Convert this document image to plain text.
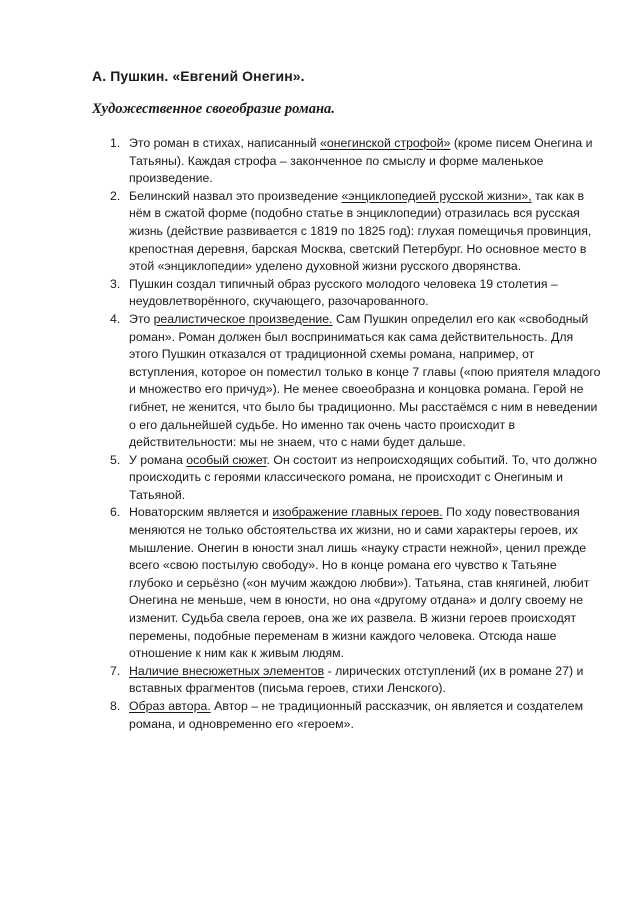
А. Пушкин. «Евгений Онегин».
Художественное своеобразие романа.
1. Это роман в стихах, написанный «онегинской строфой» (кроме писем Онегина и Татьяны). Каждая строфа – законченное по смыслу и форме маленькое произведение.
2. Белинский назвал это произведение «энциклопедией русской жизни», так как в нём в сжатой форме (подобно статье в энциклопедии) отразилась вся русская жизнь (действие развивается с 1819 по 1825 год): глухая помещичья провинция, крепостная деревня, барская Москва, светский Петербург. Но основное место в этой «энциклопедии» уделено духовной жизни русского дворянства.
3. Пушкин создал типичный образ русского молодого человека 19 столетия – неудовлетворённого, скучающего, разочарованного.
4. Это реалистическое произведение. Сам Пушкин определил его как «свободный роман». Роман должен был восприниматься как сама действительность. Для этого Пушкин отказался от традиционной схемы романа, например, от вступления, которое он поместил только в конце 7 главы («пою приятеля младого и множество его причуд»). Не менее своеобразна и концовка романа. Герой не гибнет, не женится, что было бы традиционно. Мы расстаёмся с ним в неведении о его дальнейшей судьбе. Но именно так очень часто происходит в действительности: мы не знаем, что с нами будет дальше.
5. У романа особый сюжет. Он состоит из непроисходящих событий. То, что должно происходить с героями классического романа, не происходит с Онегиным и Татьяной.
6. Новаторским является и изображение главных героев. По ходу повествования меняются не только обстоятельства их жизни, но и сами характеры героев, их мышление. Онегин в юности знал лишь «науку страсти нежной», ценил прежде всего «свою постылую свободу». Но в конце романа его чувство к Татьяне глубоко и серьёзно («он мучим жаждою любви»). Татьяна, став княгиней, любит Онегина не меньше, чем в юности, но она «другому отдана» и долгу своему не изменит. Судьба свела героев, она же их развела. В жизни героев происходят перемены, подобные переменам в жизни каждого человека. Отсюда наше отношение к ним как к живым людям.
7. Наличие внесюжетных элементов - лирических отступлений (их в романе 27) и вставных фрагментов (письма героев, стихи Ленского).
8. Образ автора. Автор – не традиционный рассказчик, он является и создателем романа, и одновременно его «героем».
